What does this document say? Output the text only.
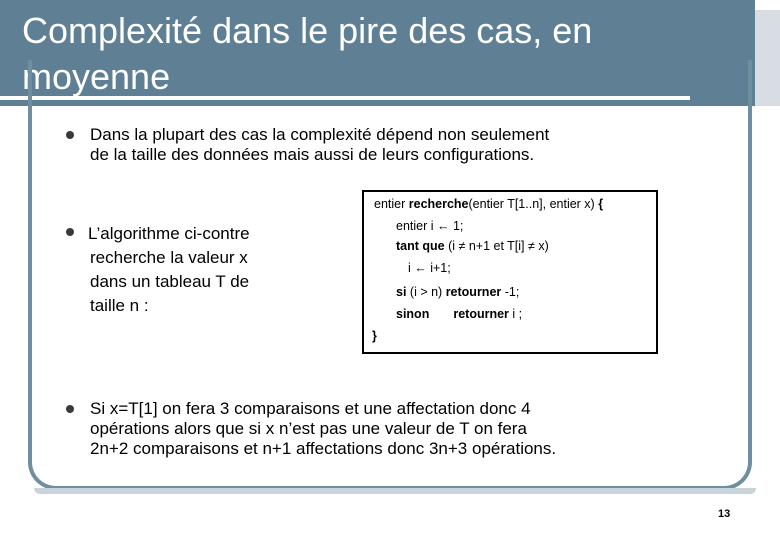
Complexité dans le pire des cas, en
moyenne
Dans la plupart des cas la complexité dépend non seulement
de la taille des données mais aussi de leurs configurations.
L’algorithme ci-contre
recherche la valeur x
dans un tableau T de
taille n :
entier recherche(entier T[1..n], entier x) {
entier i ← 1;
tant que (i ≠ n+1 et T[i] ≠ x)
i ← i+1;
si (i > n) retourner -1;
sinon retourner i ;
}
Si x=T[1] on fera 3 comparaisons et une affectation donc 4
opérations alors que si x n’est pas une valeur de T on fera
2n+2 comparaisons et n+1 affectations donc 3n+3 opérations.
13
